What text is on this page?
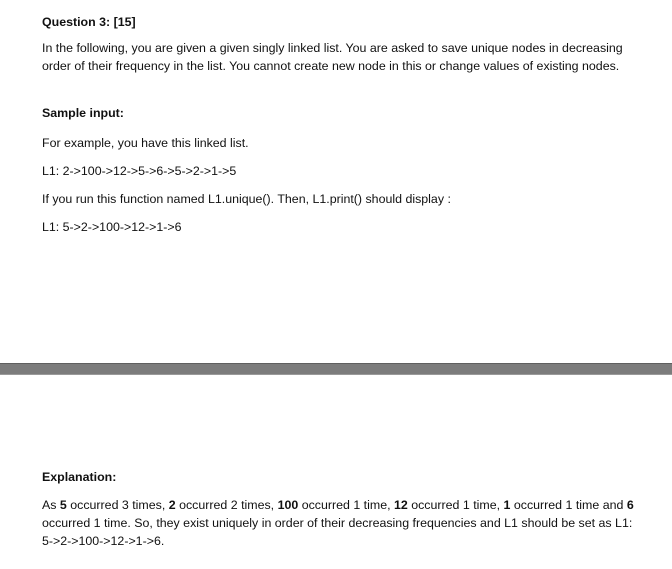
Question 3: [15]
In the followinɡ, you are given a given singly linked list. You are asked to save unique nodes in decreasing order of their frequency in the list. You cannot create new node in this or change values of existing nodes.
Sample input:
For example, you have this linked list.
L1: 2->100->12->5->6->5->2->1->5
If you run this function named L1.unique(). Then, L1.print() should display :
L1: 5->2->100->12->1->6
Explanation:
As 5 occurred 3 times, 2 occurred 2 times, 100 occurred 1 time, 12 occurred 1 time, 1 occurred 1 time and 6 occurred 1 time. So, they exist uniquely in order of their decreasing frequencies and L1 should be set as L1: 5->2->100->12->1->6.
